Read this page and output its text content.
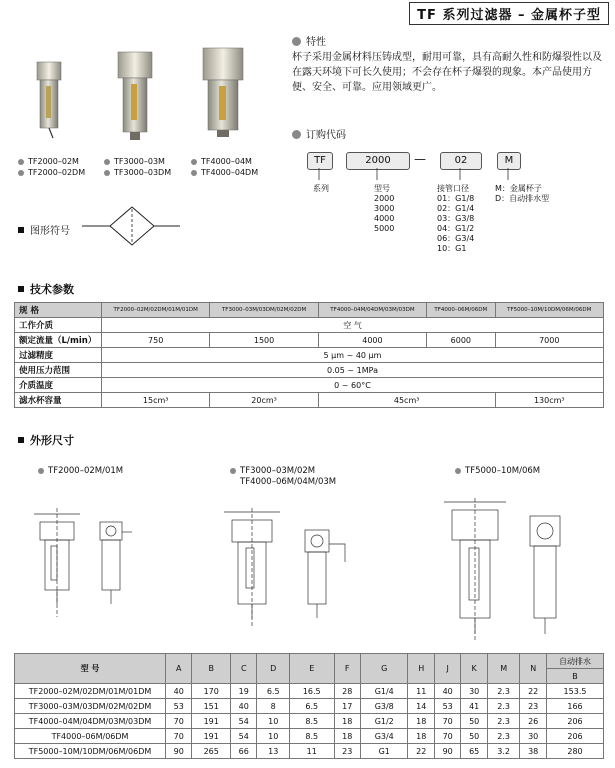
TF 系列过滤器 – 金属杯子型
TF2000–02M
TF2000–02DM
TF3000–03M
TF3000–03DM
TF4000–04M
TF4000–04DM
特性
杯子采用金属材料压铸成型，耐用可靠，具有高耐久性和防爆裂性以及在露天环境下可长久使用；不会存在杯子爆裂的现象。本产品使用方便、安全、可靠。应用领域更广。
订购代码
TF	2000	—	02	M
系列	型号
2000
3000
4000
5000
接管口径
01：G1/8
02：G1/4
03：G3/8
04：G1/2
06：G3/4
10：G1
M：金属杯子
D：自动排水型
图形符号
技术参数
规 格	TF2000–02M/02DM/01M/01DM	TF3000–03M/03DM/02M/02DM	TF4000–04M/04DM/03M/03DM	TF4000–06M/06DM	TF5000–10M/10DM/06M/06DM
工作介质	空 气				
额定流量（L/min）	750	1500	4000	6000	7000
过滤精度	5 μm ~ 40 μm				
使用压力范围	0.05 ~ 1MPa				
介质温度	0 ~ 60°C				
滤水杯容量	15cm³	20cm³	45cm³		130cm³
外形尺寸
TF2000–02M/01M	TF3000–03M/02M
TF4000–06M/04M/03M
TF5000–10M/06M
型 号	A	B	C	D	E	F	G	H	J	K	M	N	自动排水
													B
TF2000–02M/02DM/01M/01DM	40	170	19	6.5	16.5	28	G1/4	11	40	30	2.3	22	153.5
TF3000–03M/03DM/02M/02DM	53	151	40	8	6.5	17	G3/8	14	53	41	2.3	23	166
TF4000–04M/04DM/03M/03DM	70	191	54	10	8.5	18	G1/2	18	70	50	2.3	26	206
TF4000–06M/06DM	70	191	54	10	8.5	18	G3/4	18	70	50	2.3	30	206
TF5000–10M/10DM/06M/06DM	90	265	66	13	11	23	G1	22	90	65	3.2	38	280
